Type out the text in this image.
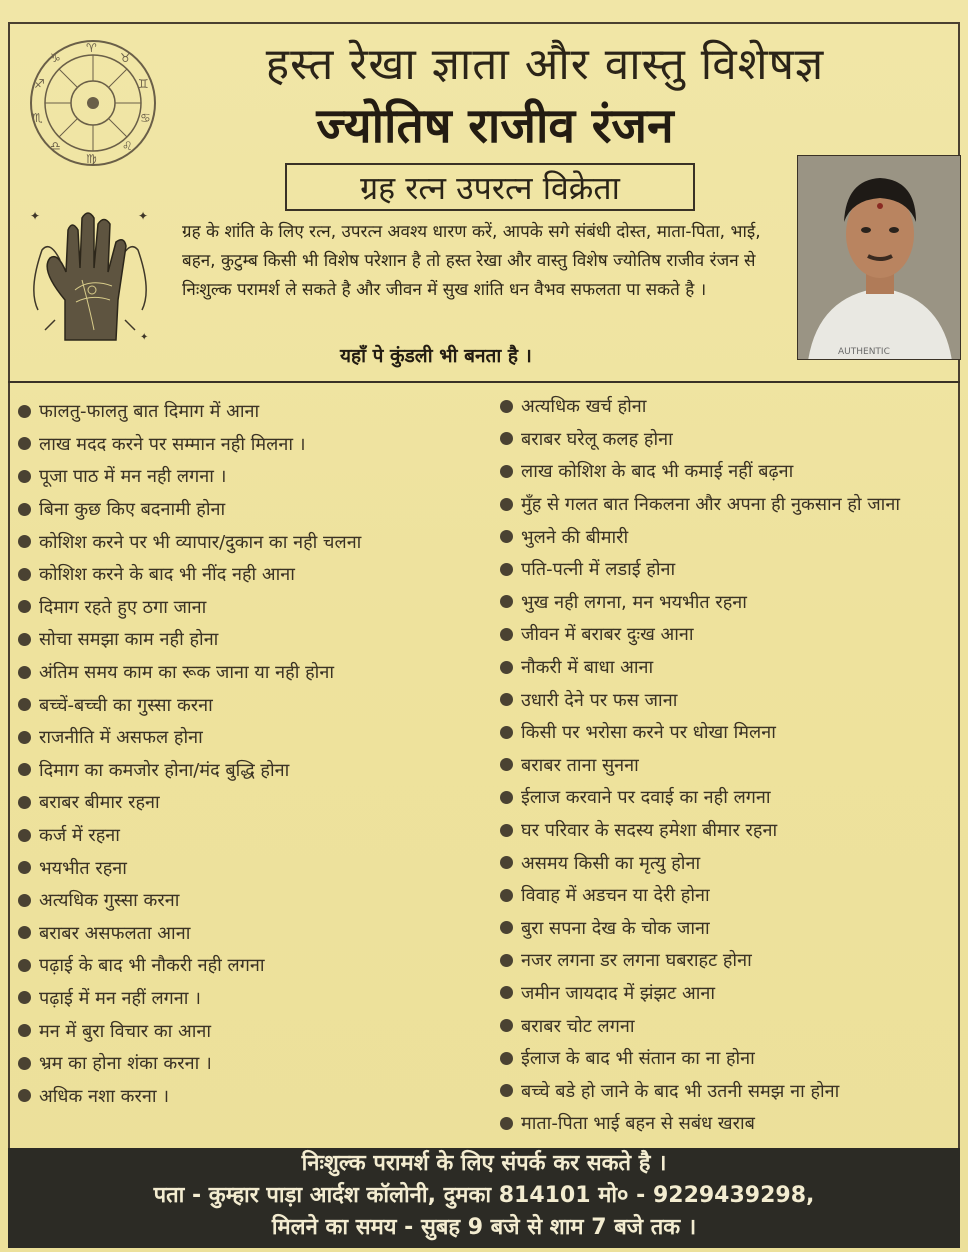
♈
♉
♊
♋
♌
♍
♎
♏
♐
♑
✦	✦
✦
हस्त रेखा ज्ञाता और वास्तु विशेषज्ञ
ज्योतिष राजीव रंजन
ग्रह रत्न उपरत्न विक्रेता
ग्रह के शांति के लिए रत्न, उपरत्न अवश्य धारण करें, आपके सगे संबंधी दोस्त, माता-पिता, भाई, बहन, कुटुम्ब किसी भी विशेष परेशान है तो हस्त रेखा और वास्तु विशेष ज्योतिष राजीव रंजन से निःशुल्क परामर्श ले सकते है और जीवन में सुख शांति धन वैभव सफलता पा सकते है ।
यहाँ पे कुंडली भी बनता है ।	AUTHENTIC
फालतु-फालतु बात दिमाग में आना
लाख मदद करने पर सम्मान नही मिलना ।
पूजा पाठ में मन नही लगना ।
बिना कुछ किए बदनामी होना
कोशिश करने पर भी व्यापार/दुकान का नही चलना
कोशिश करने के बाद भी नींद नही आना
दिमाग रहते हुए ठगा जाना
सोचा समझा काम नही होना
अंतिम समय काम का रूक जाना या नही होना
बच्चें-बच्ची का गुस्सा करना
राजनीति में असफल होना
दिमाग का कमजोर होना/मंद बुद्धि होना
बराबर बीमार रहना
कर्ज में रहना
भयभीत रहना
अत्यधिक गुस्सा करना
बराबर असफलता आना
पढ़ाई के बाद भी नौकरी नही लगना
पढ़ाई में मन नहीं लगना ।
मन में बुरा विचार का आना
भ्रम का होना शंका करना ।
अधिक नशा करना ।
अत्यधिक खर्च होना
बराबर घरेलू कलह होना
लाख कोशिश के बाद भी कमाई नहीं बढ़ना
मुँह से गलत बात निकलना और अपना ही नुकसान हो जाना
भुलने की बीमारी
पति-पत्नी में लडाई होना
भुख नही लगना, मन भयभीत रहना
जीवन में बराबर दुःख आना
नौकरी में बाधा आना
उधारी देने पर फस जाना
किसी पर भरोसा करने पर धोखा मिलना
बराबर ताना सुनना
ईलाज करवाने पर दवाई का नही लगना
घर परिवार के सदस्य हमेशा बीमार रहना
असमय किसी का मृत्यु होना
विवाह में अडचन या देरी होना
बुरा सपना देख के चोक जाना
नजर लगना डर लगना घबराहट होना
जमीन जायदाद में झंझट आना
बराबर चोट लगना
ईलाज के बाद भी संतान का ना होना
बच्चे बडे हो जाने के बाद भी उतनी समझ ना होना
माता-पिता भाई बहन से सबंध खराब
निःशुल्क परामर्श के लिए संपर्क कर सकते है ।
पता - कुम्हार पाड़ा आर्दश कॉलोनी, दुमका 814101 मो० - 9229439298,
मिलने का समय - सुबह 9 बजे से शाम 7 बजे तक ।
